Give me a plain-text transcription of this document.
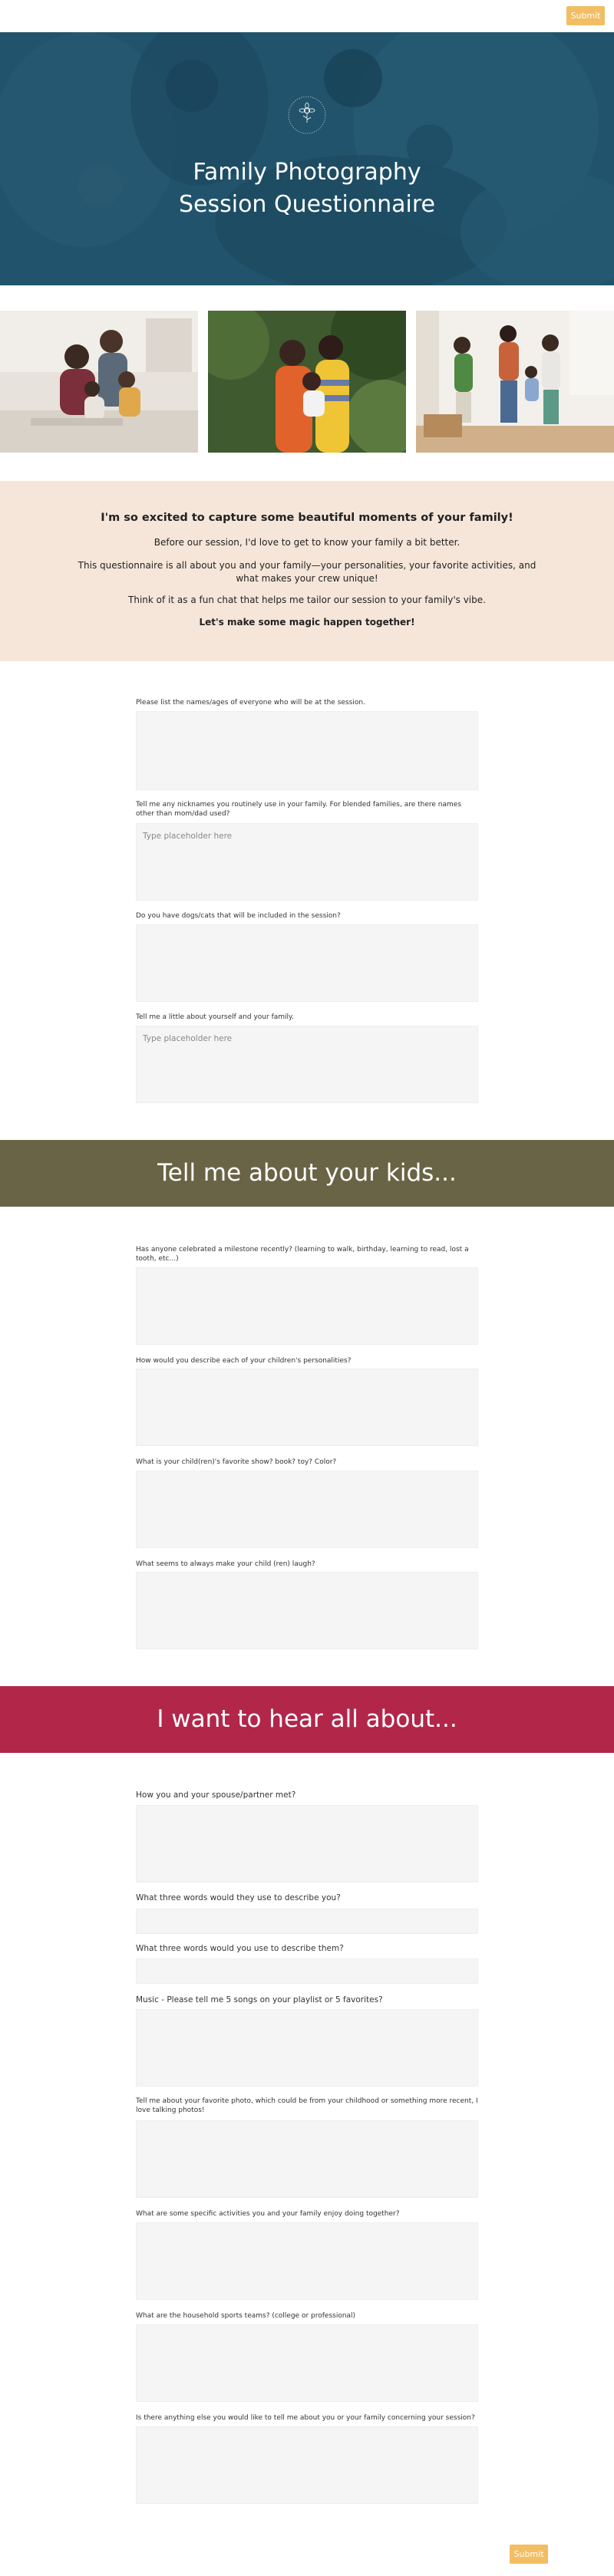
Submit
Family Photography
Session Questionnaire

I'm so excited to capture some beautiful moments of your family!

Before our session, I'd love to get to know your family a bit better.

This questionnaire is all about you and your family—your personalities, your favorite activities, and what makes your crew unique!

Think of it as a fun chat that helps me tailor our session to your family's vibe.

Let's make some magic happen together!

Please list the names/ages of everyone who will be at the session.
Tell me any nicknames you routinely use in your family. For blended families, are there names other than mom/dad used?
Type placeholder here
Do you have dogs/cats that will be included in the session?
Tell me a little about yourself and your family.
Type placeholder here
Tell me about your kids...
Has anyone celebrated a milestone recently? (learning to walk, birthday, learning to read, lost a tooth, etc...)
How would you describe each of your children's personalities?
What is your child(ren)'s favorite show? book? toy? Color?
What seems to always make your child (ren) laugh?
I want to hear all about...
How you and your spouse/partner met?
What three words would they use to describe you?
What three words would you use to describe them?
Music - Please tell me 5 songs on your playlist or 5 favorites?
Tell me about your favorite photo, which could be from your childhood or something more recent, I love talking photos!
What are some specific activities you and your family enjoy doing together?
What are the household sports teams? (college or professional)
Is there anything else you would like to tell me about you or your family concerning your session?
Submit
